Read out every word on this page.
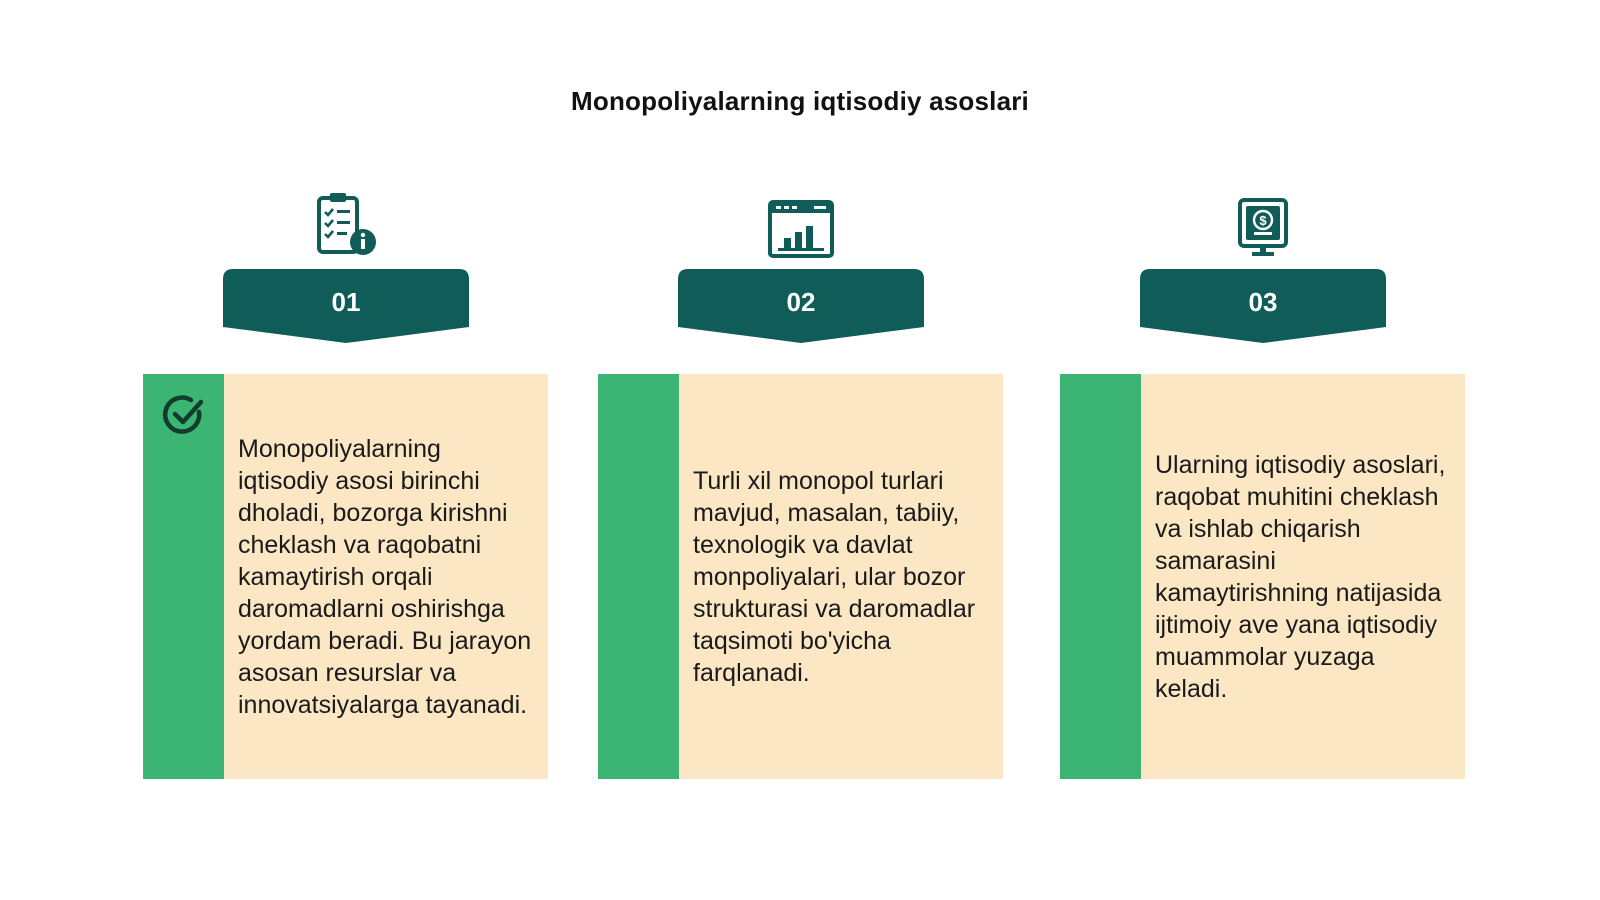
Monopoliyalarning iqtisodiy asoslari
01
Monopoliyalarning iqtisodiy asosi birinchi dholadi, bozorga kirishni cheklash va raqobatni kamaytirish orqali daromadlarni oshirishga yordam beradi. Bu jarayon asosan resurslar va innovatsiyalarga tayanadi.
02
Turli xil monopol turlari mavjud, masalan, tabiiy, texnologik va davlat monpoliyalari, ular bozor strukturasi va daromadlar taqsimoti bo'yicha farqlanadi.
$
03
Ularning iqtisodiy asoslari, raqobat muhitini cheklash va ishlab chiqarish samarasini kamaytirishning natijasida ijtimoiy ave yana iqtisodiy muammolar yuzaga keladi.
